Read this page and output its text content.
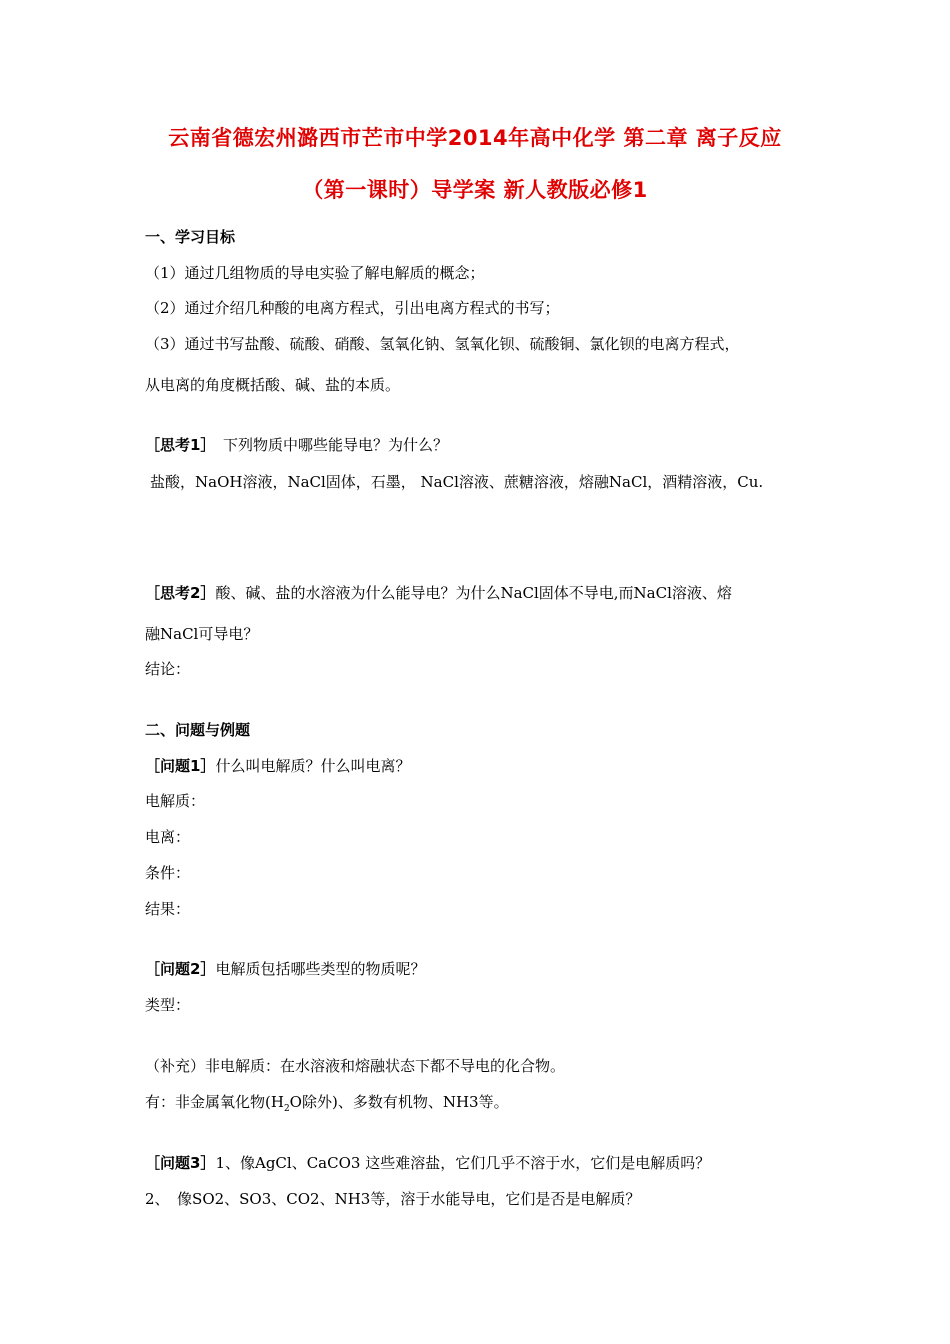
云南省德宏州潞西市芒市中学2014年高中化学 第二章 离子反应
（第一课时）导学案 新人教版必修1
一、学习目标
（1）通过几组物质的导电实验了解电解质的概念；
（2）通过介绍几种酸的电离方程式，引出电离方程式的书写；
（3）通过书写盐酸、硫酸、硝酸、氢氧化钠、氢氧化钡、硫酸铜、氯化钡的电离方程式，
从电离的角度概括酸、碱、盐的本质。
［思考1］　下列物质中哪些能导电？为什么？
盐酸，NaOH溶液，NaCl固体，石墨， NaCl溶液、蔗糖溶液，熔融NaCl，酒精溶液，Cu.
［思考2］酸、碱、盐的水溶液为什么能导电？为什么NaCl固体不导电,而NaCl溶液、熔
融NaCl可导电？
结论：
二、问题与例题
［问题1］什么叫电解质？什么叫电离？
电解质：
电离：
条件：
结果：
［问题2］电解质包括哪些类型的物质呢？
类型：
（补充）非电解质：在水溶液和熔融状态下都不导电的化合物。
有：非金属氧化物($H_2O$除外)、多数有机物、NH3等。
［问题3］1、像AgCl、CaCO3 这些难溶盐，它们几乎不溶于水，它们是电解质吗？
2、　像SO2、SO3、CO2、NH3等，溶于水能导电，它们是否是电解质？
